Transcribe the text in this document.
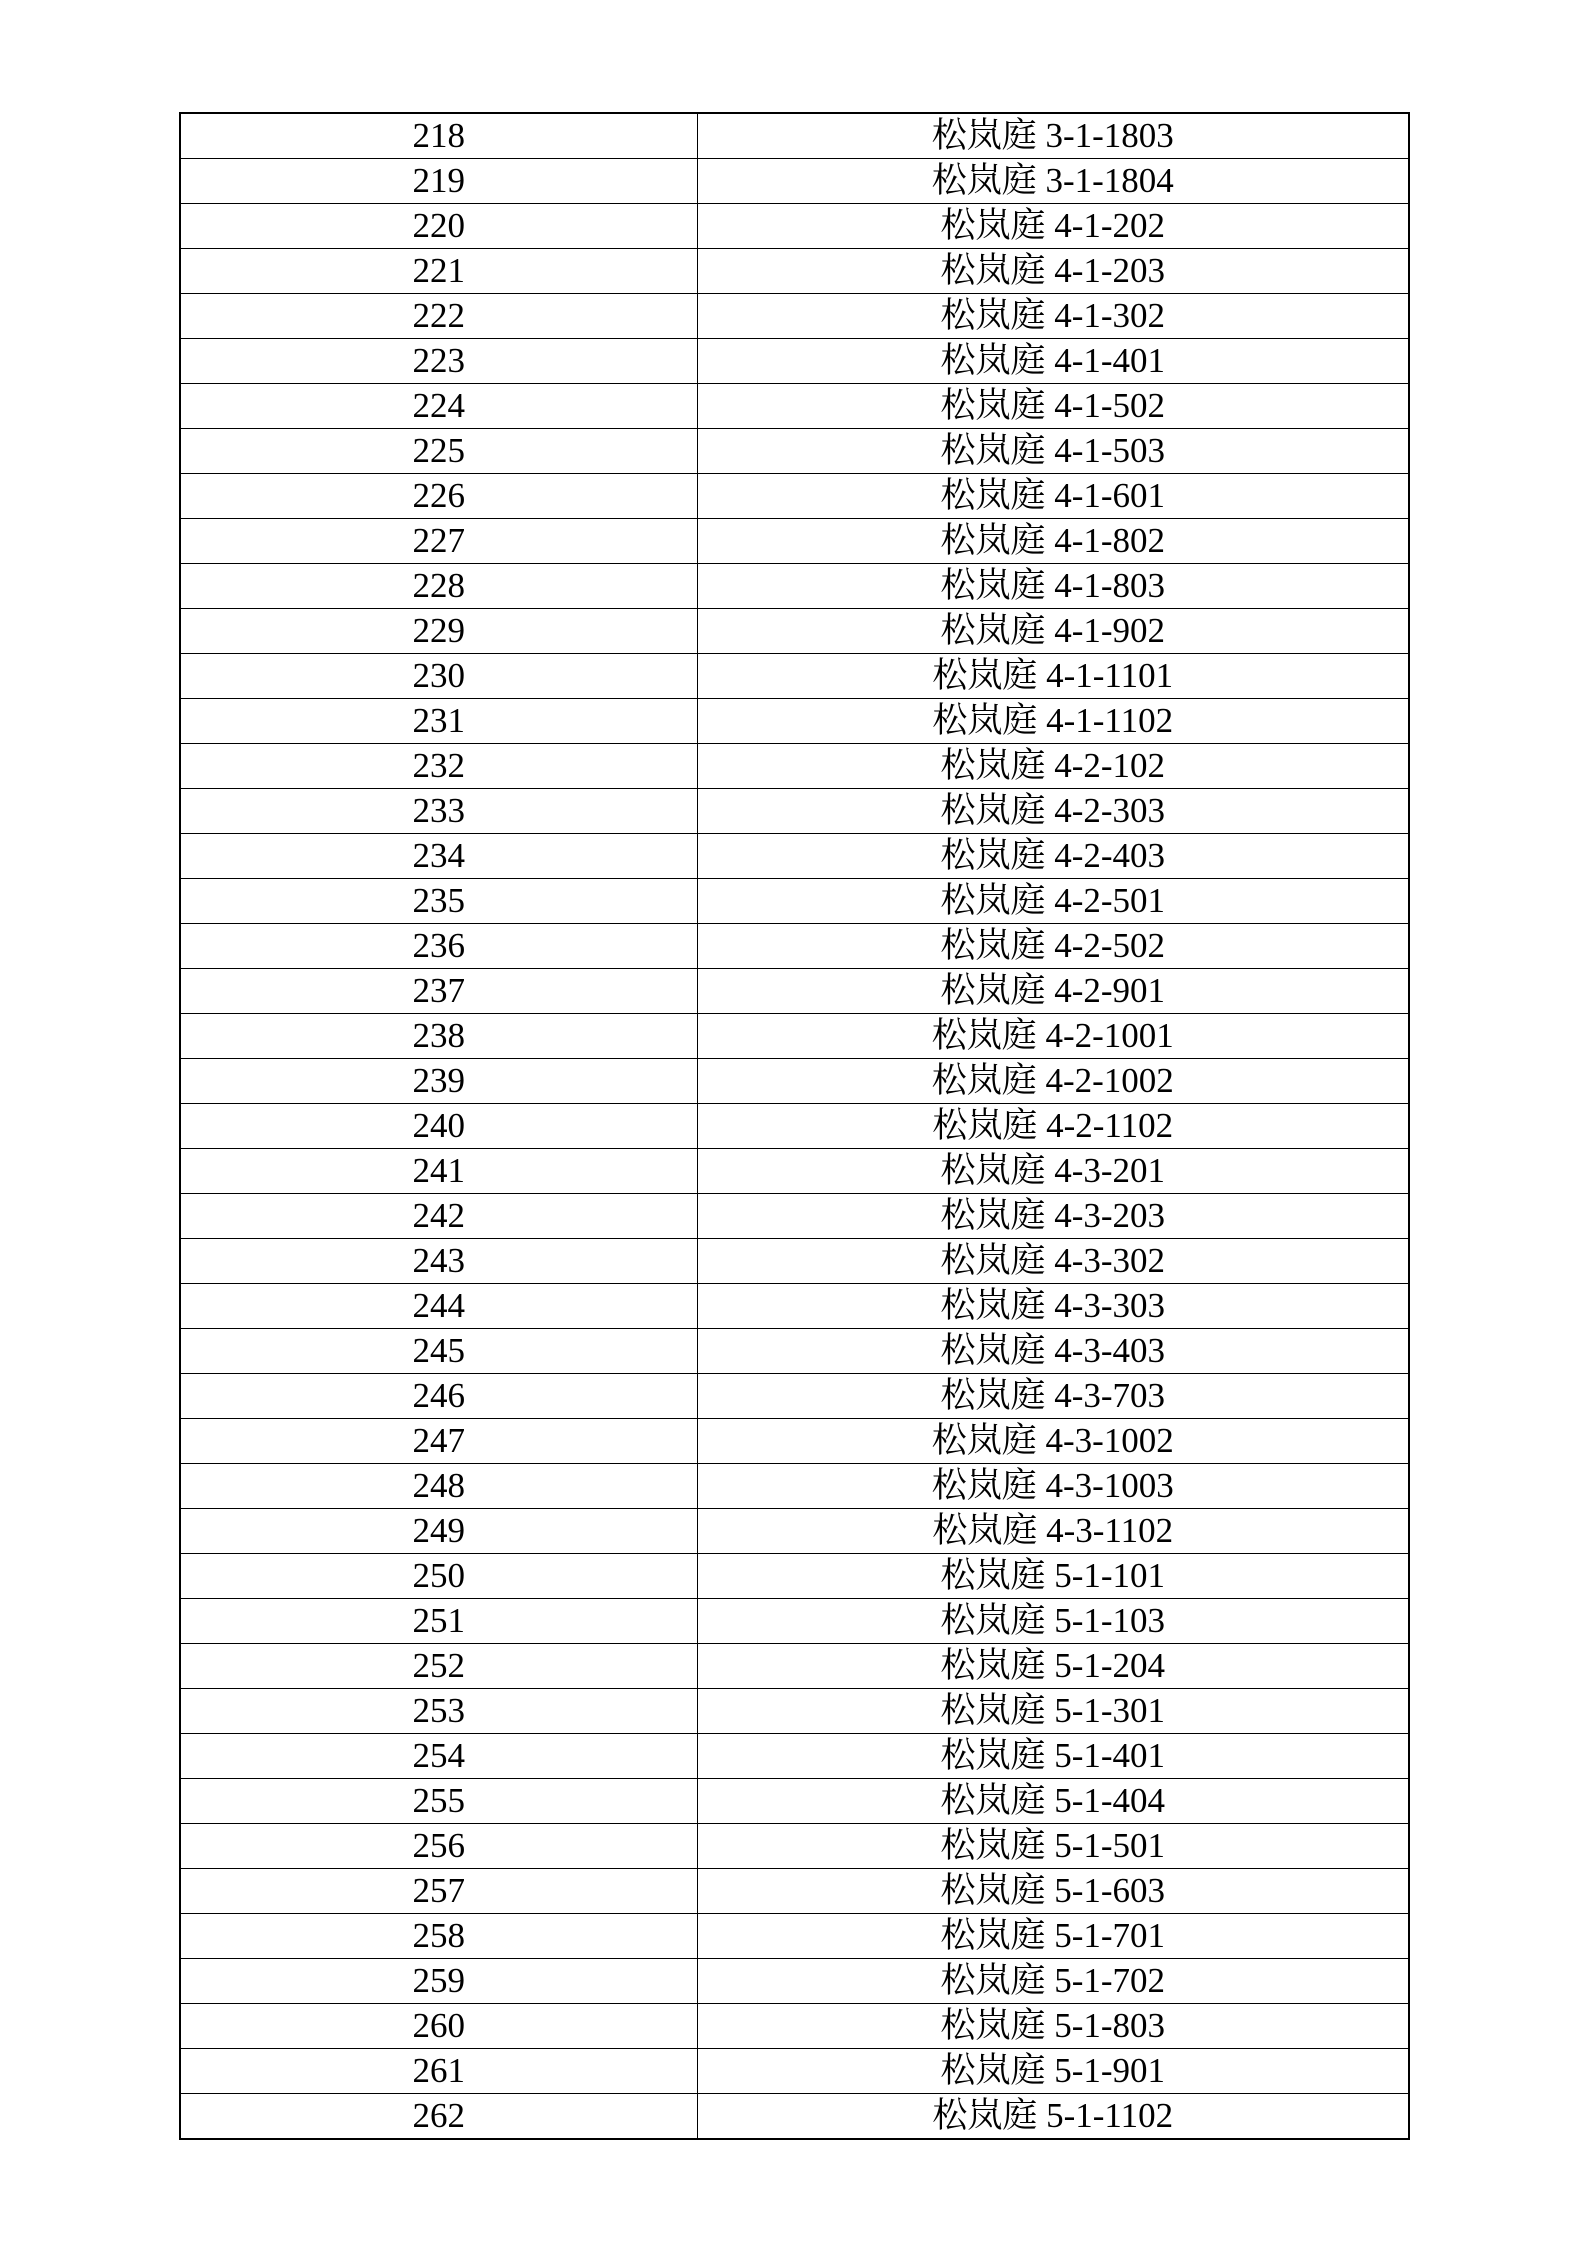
218	松岚庭 3-1-1803
219	松岚庭 3-1-1804
220	松岚庭 4-1-202
221	松岚庭 4-1-203
222	松岚庭 4-1-302
223	松岚庭 4-1-401
224	松岚庭 4-1-502
225	松岚庭 4-1-503
226	松岚庭 4-1-601
227	松岚庭 4-1-802
228	松岚庭 4-1-803
229	松岚庭 4-1-902
230	松岚庭 4-1-1101
231	松岚庭 4-1-1102
232	松岚庭 4-2-102
233	松岚庭 4-2-303
234	松岚庭 4-2-403
235	松岚庭 4-2-501
236	松岚庭 4-2-502
237	松岚庭 4-2-901
238	松岚庭 4-2-1001
239	松岚庭 4-2-1002
240	松岚庭 4-2-1102
241	松岚庭 4-3-201
242	松岚庭 4-3-203
243	松岚庭 4-3-302
244	松岚庭 4-3-303
245	松岚庭 4-3-403
246	松岚庭 4-3-703
247	松岚庭 4-3-1002
248	松岚庭 4-3-1003
249	松岚庭 4-3-1102
250	松岚庭 5-1-101
251	松岚庭 5-1-103
252	松岚庭 5-1-204
253	松岚庭 5-1-301
254	松岚庭 5-1-401
255	松岚庭 5-1-404
256	松岚庭 5-1-501
257	松岚庭 5-1-603
258	松岚庭 5-1-701
259	松岚庭 5-1-702
260	松岚庭 5-1-803
261	松岚庭 5-1-901
262	松岚庭 5-1-1102
